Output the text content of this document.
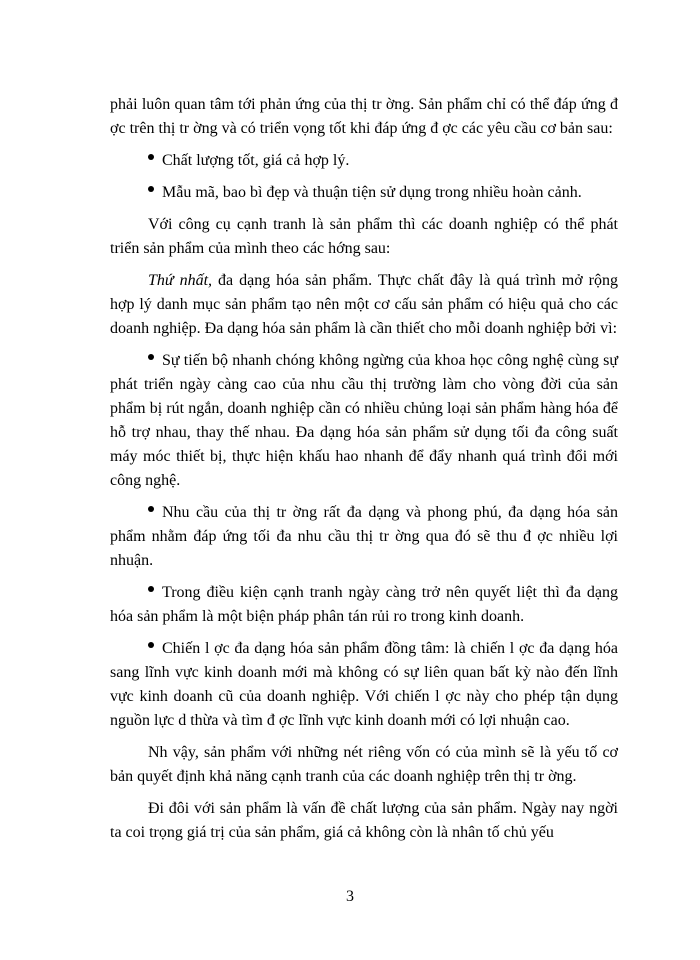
phải luôn quan tâm tới phản ứng của thị tr ờng. Sản phẩm chỉ có thể đáp ứng đ ợc trên thị tr ờng và có triển vọng tốt khi đáp ứng đ ợc các yêu cầu cơ bản sau:

Chất lượng tốt, giá cả hợp lý.

Mẫu mã, bao bì đẹp và thuận tiện sử dụng trong nhiều hoàn cảnh.

Với công cụ cạnh tranh là sản phẩm thì các doanh nghiệp có thể phát triển sản phẩm của mình theo các hớng sau:

Thứ nhất, đa dạng hóa sản phẩm. Thực chất đây là quá trình mở rộng hợp lý danh mục sản phẩm tạo nên một cơ cấu sản phẩm có hiệu quả cho các doanh nghiệp. Đa dạng hóa sản phẩm là cần thiết cho mỗi doanh nghiệp bởi vì:

Sự tiến bộ nhanh chóng không ngừng của khoa học công nghệ cùng sự phát triển ngày càng cao của nhu cầu thị trường làm cho vòng đời của sản phẩm bị rút ngắn, doanh nghiệp cần có nhiều chủng loại sản phẩm hàng hóa để hỗ trợ nhau, thay thế nhau. Đa dạng hóa sản phẩm sử dụng tối đa công suất máy móc thiết bị, thực hiện khấu hao nhanh để đẩy nhanh quá trình đổi mới công nghệ.

Nhu cầu của thị tr ờng rất đa dạng và phong phú, đa dạng hóa sản phẩm nhằm đáp ứng tối đa nhu cầu thị tr ờng qua đó sẽ thu đ ợc nhiều lợi nhuận.

Trong điều kiện cạnh tranh ngày càng trở nên quyết liệt thì đa dạng hóa sản phẩm là một biện pháp phân tán rủi ro trong kinh doanh.

Chiến l ợc đa dạng hóa sản phẩm đồng tâm: là chiến l ợc đa dạng hóa sang lĩnh vực kinh doanh mới mà không có sự liên quan bất kỳ nào đến lĩnh vực kinh doanh cũ của doanh nghiệp. Với chiến l ợc này cho phép tận dụng nguồn lực d thừa và tìm đ ợc lĩnh vực kinh doanh mới có lợi nhuận cao.

Nh vậy, sản phẩm với những nét riêng vốn có của mình sẽ là yếu tố cơ bản quyết định khả năng cạnh tranh của các doanh nghiệp trên thị tr ờng.

Đi đôi với sản phẩm là vấn đề chất lượng của sản phẩm. Ngày nay ngời ta coi trọng giá trị của sản phẩm, giá cả không còn là nhân tố chủ yếu

3
